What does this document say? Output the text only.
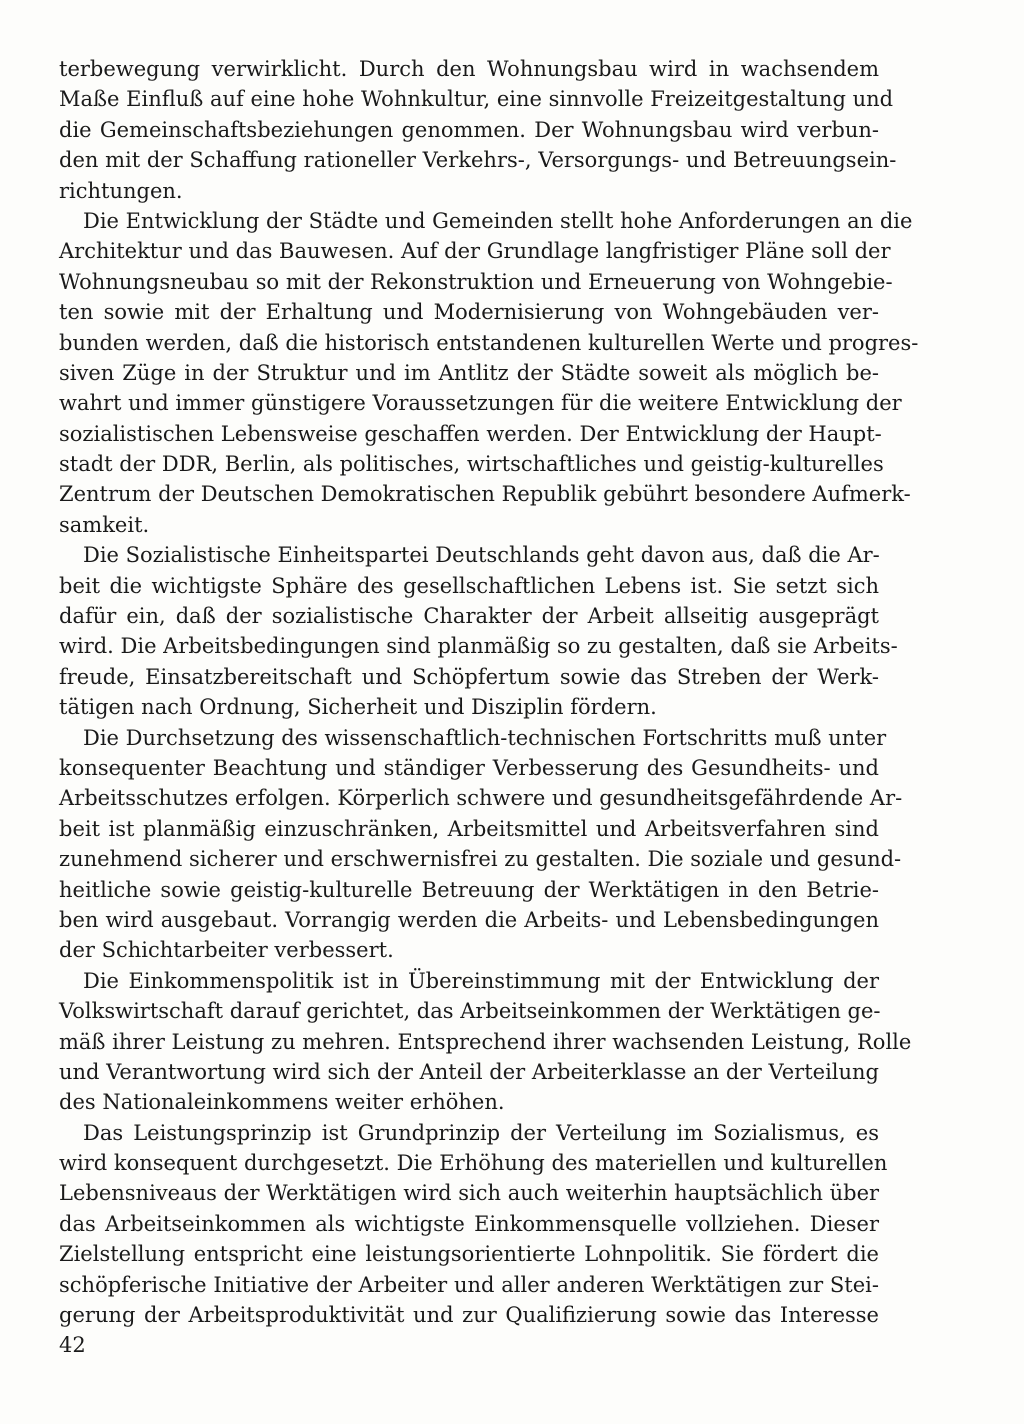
terbewegung verwirklicht. Durch den Wohnungsbau wird in wachsendem
Maße Einfluß auf eine hohe Wohnkultur, eine sinnvolle Freizeitgestaltung und
die Gemeinschaftsbeziehungen genommen. Der Wohnungsbau wird verbun-
den mit der Schaffung rationeller Verkehrs-, Versorgungs- und Betreuungsein-
richtungen.
Die Entwicklung der Städte und Gemeinden stellt hohe Anforderungen an die
Architektur und das Bauwesen. Auf der Grundlage langfristiger Pläne soll der
Wohnungsneubau so mit der Rekonstruktion und Erneuerung von Wohngebie-
ten sowie mit der Erhaltung und Modernisierung von Wohngebäuden ver-
bunden werden, daß die historisch entstandenen kulturellen Werte und progres-
siven Züge in der Struktur und im Antlitz der Städte soweit als möglich be-
wahrt und immer günstigere Voraussetzungen für die weitere Entwicklung der
sozialistischen Lebensweise geschaffen werden. Der Entwicklung der Haupt-
stadt der DDR, Berlin, als politisches, wirtschaftliches und geistig-kulturelles
Zentrum der Deutschen Demokratischen Republik gebührt besondere Aufmerk-
samkeit.
Die Sozialistische Einheitspartei Deutschlands geht davon aus, daß die Ar-
beit die wichtigste Sphäre des gesellschaftlichen Lebens ist. Sie setzt sich
dafür ein, daß der sozialistische Charakter der Arbeit allseitig ausgeprägt
wird. Die Arbeitsbedingungen sind planmäßig so zu gestalten, daß sie Arbeits-
freude, Einsatzbereitschaft und Schöpfertum sowie das Streben der Werk-
tätigen nach Ordnung, Sicherheit und Disziplin fördern.
Die Durchsetzung des wissenschaftlich-technischen Fortschritts muß unter
konsequenter Beachtung und ständiger Verbesserung des Gesundheits- und
Arbeitsschutzes erfolgen. Körperlich schwere und gesundheitsgefährdende Ar-
beit ist planmäßig einzuschränken, Arbeitsmittel und Arbeitsverfahren sind
zunehmend sicherer und erschwernisfrei zu gestalten. Die soziale und gesund-
heitliche sowie geistig-kulturelle Betreuung der Werktätigen in den Betrie-
ben wird ausgebaut. Vorrangig werden die Arbeits- und Lebensbedingungen
der Schichtarbeiter verbessert.
Die Einkommenspolitik ist in Übereinstimmung mit der Entwicklung der
Volkswirtschaft darauf gerichtet, das Arbeitseinkommen der Werktätigen ge-
mäß ihrer Leistung zu mehren. Entsprechend ihrer wachsenden Leistung, Rolle
und Verantwortung wird sich der Anteil der Arbeiterklasse an der Verteilung
des Nationaleinkommens weiter erhöhen.
Das Leistungsprinzip ist Grundprinzip der Verteilung im Sozialismus, es
wird konsequent durchgesetzt. Die Erhöhung des materiellen und kulturellen
Lebensniveaus der Werktätigen wird sich auch weiterhin hauptsächlich über
das Arbeitseinkommen als wichtigste Einkommensquelle vollziehen. Dieser
Zielstellung entspricht eine leistungsorientierte Lohnpolitik. Sie fördert die
schöpferische Initiative der Arbeiter und aller anderen Werktätigen zur Stei-
gerung der Arbeitsproduktivität und zur Qualifizierung sowie das Interesse
42
